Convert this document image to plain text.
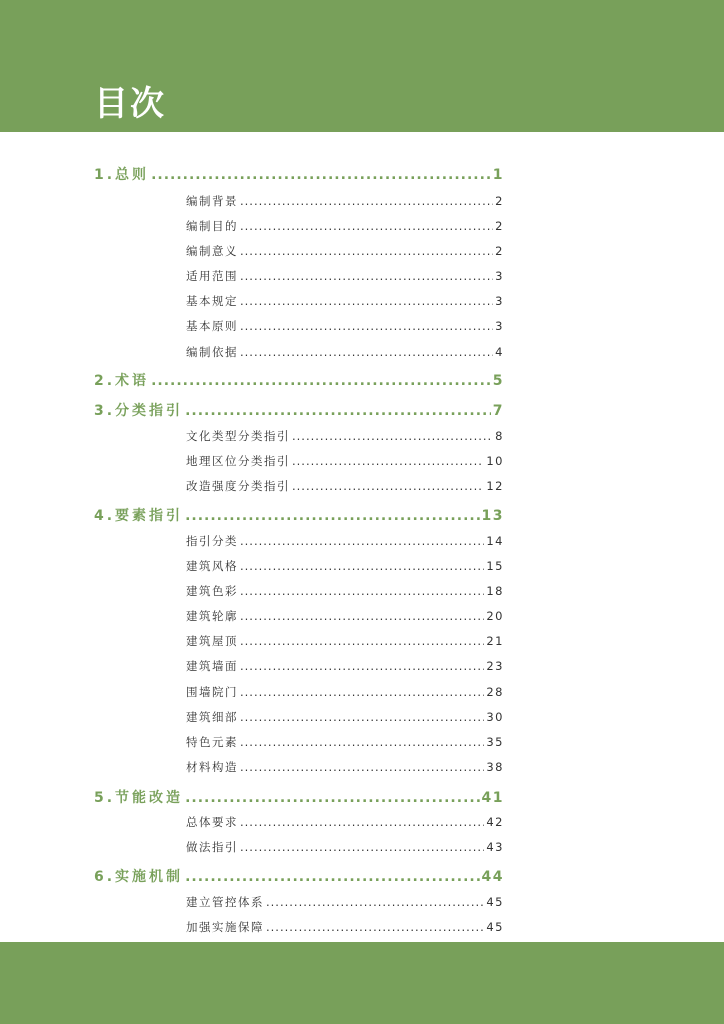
目次
1.总则 .....	1
编制背景 .....	2
编制目的 .....	2
编制意义 .....	2
适用范围 .....	3
基本规定 .....	3
基本原则 .....	3
编制依据 .....	4
2.术语 .....	5
3.分类指引 .....	7
文化类型分类指引 .....	8
地理区位分类指引 .....	10
改造强度分类指引 .....	12
4.要素指引 .....	13
指引分类 .....	14
建筑风格 .....	15
建筑色彩 .....	18
建筑轮廓 .....	20
建筑屋顶 .....	21
建筑墙面 .....	23
围墙院门 .....	28
建筑细部 .....	30
特色元素 .....	35
材料构造 .....	38
5.节能改造 .....	41
总体要求 .....	42
做法指引 .....	43
6.实施机制 .....	44
建立管控体系 .....	45
加强实施保障 .....	45
